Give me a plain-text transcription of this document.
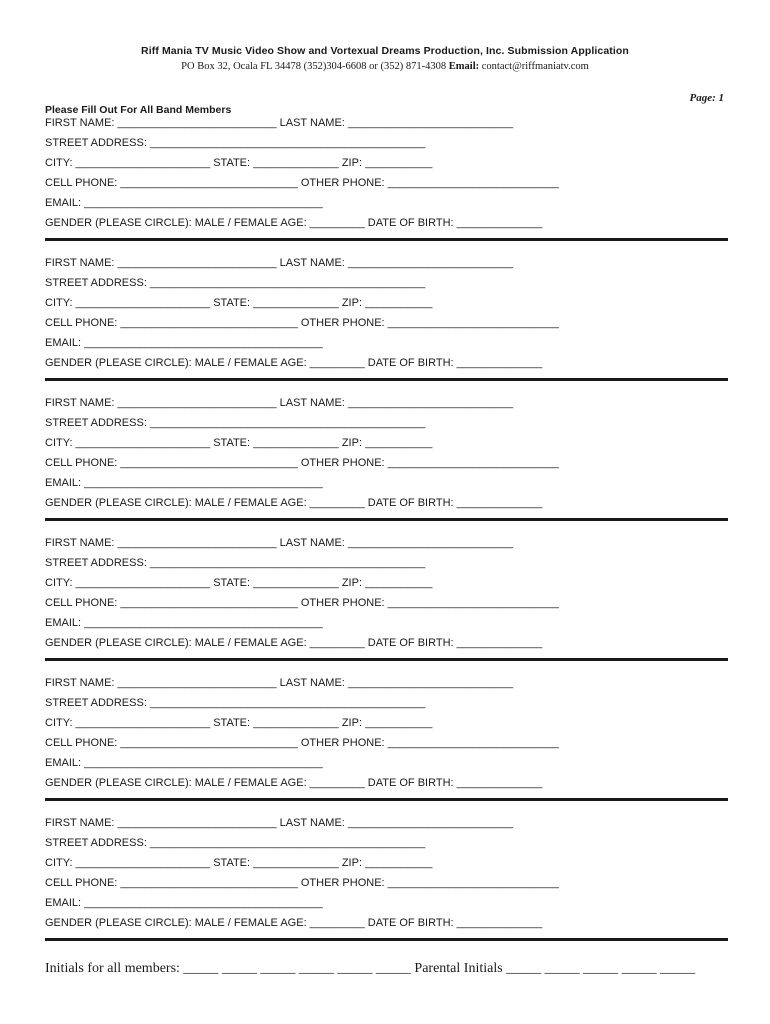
Riff Mania TV Music Video Show and Vortexual Dreams Production, Inc. Submission Application
PO Box 32, Ocala FL 34478 (352)304-6608 or (352) 871-4308 Email: contact@riffmaniatv.com
Page: 1
Please Fill Out For All Band Members
FIRST NAME: __________________________ LAST NAME: ___________________________
STREET ADDRESS: _____________________________________________
CITY: ______________________ STATE: ______________ ZIP: ___________
CELL PHONE: _____________________________ OTHER PHONE: ____________________________
EMAIL: _______________________________________
GENDER (PLEASE CIRCLE): MALE / FEMALE AGE: _________ DATE OF BIRTH: ______________
FIRST NAME: __________________________ LAST NAME: ___________________________
STREET ADDRESS: _____________________________________________
CITY: ______________________ STATE: ______________ ZIP: ___________
CELL PHONE: _____________________________ OTHER PHONE: ____________________________
EMAIL: _______________________________________
GENDER (PLEASE CIRCLE): MALE / FEMALE AGE: _________ DATE OF BIRTH: ______________
FIRST NAME: __________________________ LAST NAME: ___________________________
STREET ADDRESS: _____________________________________________
CITY: ______________________ STATE: ______________ ZIP: ___________
CELL PHONE: _____________________________ OTHER PHONE: ____________________________
EMAIL: _______________________________________
GENDER (PLEASE CIRCLE): MALE / FEMALE AGE: _________ DATE OF BIRTH: ______________
FIRST NAME: __________________________ LAST NAME: ___________________________
STREET ADDRESS: _____________________________________________
CITY: ______________________ STATE: ______________ ZIP: ___________
CELL PHONE: _____________________________ OTHER PHONE: ____________________________
EMAIL: _______________________________________
GENDER (PLEASE CIRCLE): MALE / FEMALE AGE: _________ DATE OF BIRTH: ______________
FIRST NAME: __________________________ LAST NAME: ___________________________
STREET ADDRESS: _____________________________________________
CITY: ______________________ STATE: ______________ ZIP: ___________
CELL PHONE: _____________________________ OTHER PHONE: ____________________________
EMAIL: _______________________________________
GENDER (PLEASE CIRCLE): MALE / FEMALE AGE: _________ DATE OF BIRTH: ______________
FIRST NAME: __________________________ LAST NAME: ___________________________
STREET ADDRESS: _____________________________________________
CITY: ______________________ STATE: ______________ ZIP: ___________
CELL PHONE: _____________________________ OTHER PHONE: ____________________________
EMAIL: _______________________________________
GENDER (PLEASE CIRCLE): MALE / FEMALE AGE: _________ DATE OF BIRTH: ______________
Initials for all members: _____ _____ _____ _____ _____ _____ Parental Initials _____ _____ _____ _____ _____
